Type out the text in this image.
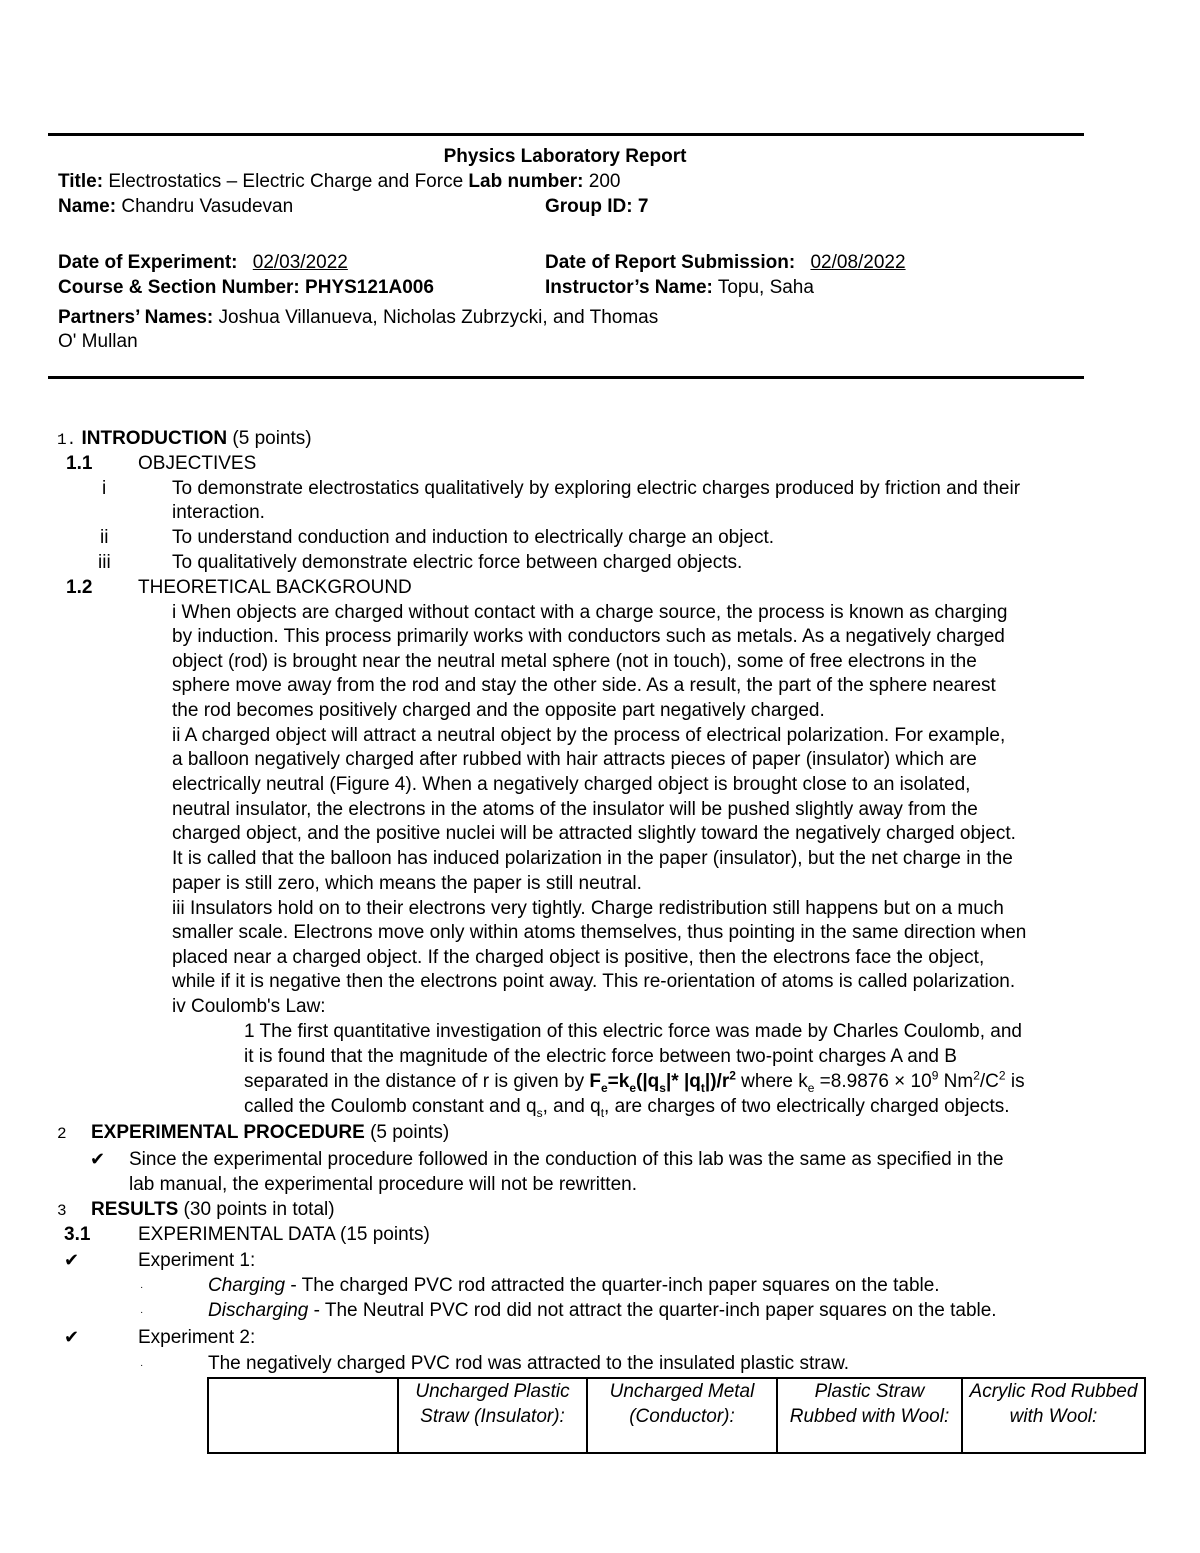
Physics Laboratory Report
Title: Electrostatics – Electric Charge and Force Lab number: 200
Name: Chandru Vasudevan	Group ID: 7
Date of Experiment: 02/03/2022	Date of Report Submission: 02/08/2022
Course & Section Number: PHYS121A006	Instructor’s Name: Topu, Saha
Partners’ Names: Joshua Villanueva, Nicholas Zubrzycki, and Thomas
O' Mullan
1. INTRODUCTION (5 points)
1.1 OBJECTIVES
i	To demonstrate electrostatics qualitatively by exploring electric charges produced by friction and their
interaction.
ii	To understand conduction and induction to electrically charge an object.
iii	To qualitatively demonstrate electric force between charged objects.
1.2 THEORETICAL BACKGROUND
i When objects are charged without contact with a charge source, the process is known as charging
by induction. This process primarily works with conductors such as metals. As a negatively charged
object (rod) is brought near the neutral metal sphere (not in touch), some of free electrons in the
sphere move away from the rod and stay the other side. As a result, the part of the sphere nearest
the rod becomes positively charged and the opposite part negatively charged.
ii A charged object will attract a neutral object by the process of electrical polarization. For example,
a balloon negatively charged after rubbed with hair attracts pieces of paper (insulator) which are
electrically neutral (Figure 4). When a negatively charged object is brought close to an isolated,
neutral insulator, the electrons in the atoms of the insulator will be pushed slightly away from the
charged object, and the positive nuclei will be attracted slightly toward the negatively charged object.
It is called that the balloon has induced polarization in the paper (insulator), but the net charge in the
paper is still zero, which means the paper is still neutral.
iii Insulators hold on to their electrons very tightly. Charge redistribution still happens but on a much
smaller scale. Electrons move only within atoms themselves, thus pointing in the same direction when
placed near a charged object. If the charged object is positive, then the electrons face the object,
while if it is negative then the electrons point away. This re-orientation of atoms is called polarization.
iv Coulomb's Law:
1 The first quantitative investigation of this electric force was made by Charles Coulomb, and
it is found that the magnitude of the electric force between two-point charges A and B
separated in the distance of r is given by $F_e=k_e(|q_s|*$ $|q_t|)/r^2$ where $k_e =8.9876 \times 10^9$ $Nm^2/C^2$ is
called the Coulomb constant and $q_s$, and $q_t$, are charges of two electrically charged objects.
2 EXPERIMENTAL PROCEDURE (5 points)
✔ Since the experimental procedure followed in the conduction of this lab was the same as specified in the
lab manual, the experimental procedure will not be rewritten.
3 RESULTS (30 points in total)
3.1	EXPERIMENTAL DATA (15 points)
✔	Experiment 1:
·	Charging - The charged PVC rod attracted the quarter-inch paper squares on the table.
·	Discharging - The Neutral PVC rod did not attract the quarter-inch paper squares on the table.
✔	Experiment 2:
·	The negatively charged PVC rod was attracted to the insulated plastic straw.
	Uncharged Plastic Straw (Insulator):	Uncharged Metal (Conductor):	Plastic Straw Rubbed with Wool:	Acrylic Rod Rubbed with Wool:
